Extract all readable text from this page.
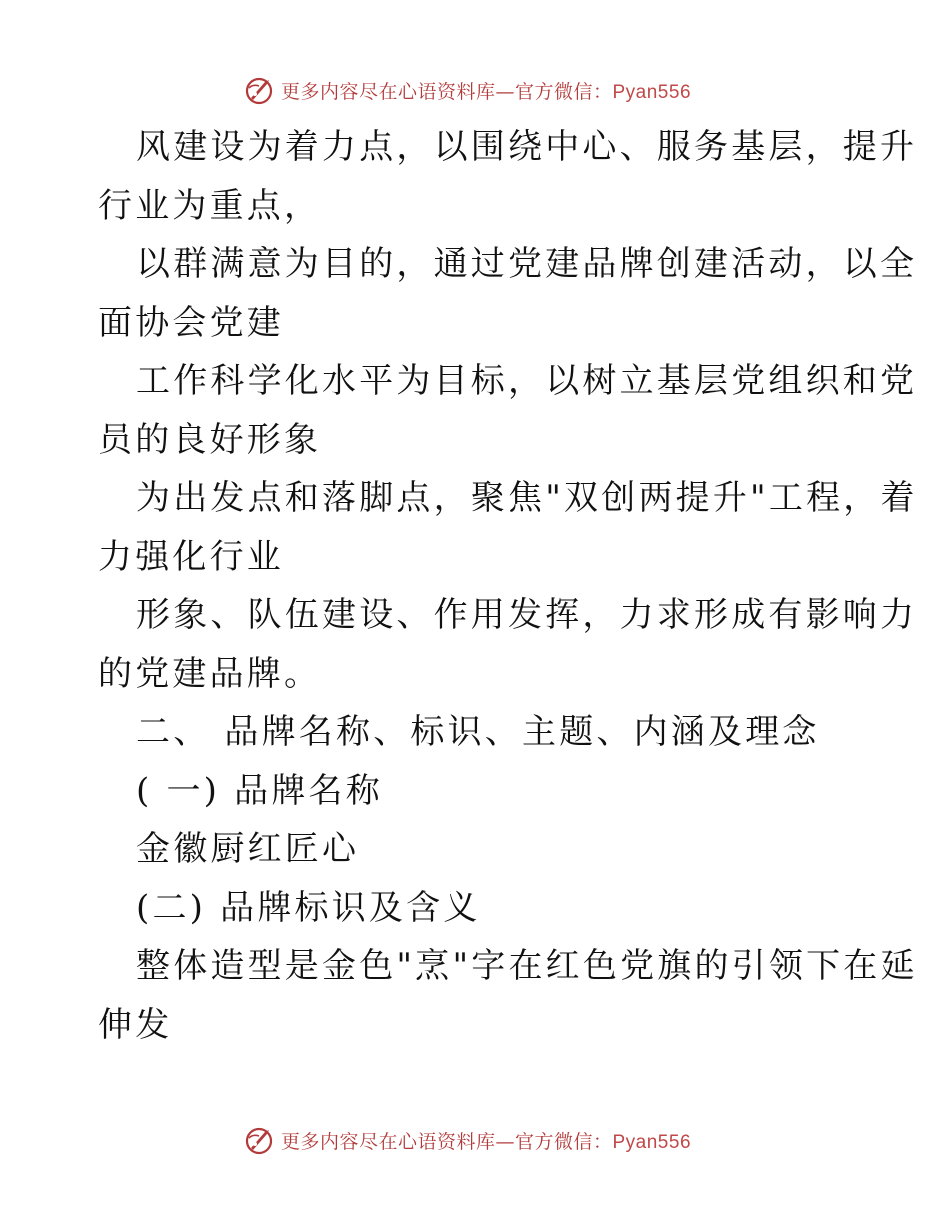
更多内容尽在心语资料库—官方微信：Pyan556
风建设为着力点，以围绕中心、服务基层，提升
行业为重点，
以群满意为目的，通过党建品牌创建活动，以全
面协会党建
工作科学化水平为目标，以树立基层党组织和党
员的良好形象
为出发点和落脚点，聚焦"双创两提升"工程，着
力强化行业
形象、队伍建设、作用发挥，力求形成有影响力
的党建品牌。
二、 品牌名称、标识、主题、内涵及理念
( 一) 品牌名称
金徽厨红匠心
(二) 品牌标识及含义
整体造型是金色"烹"字在红色党旗的引领下在延
伸发
更多内容尽在心语资料库—官方微信：Pyan556
